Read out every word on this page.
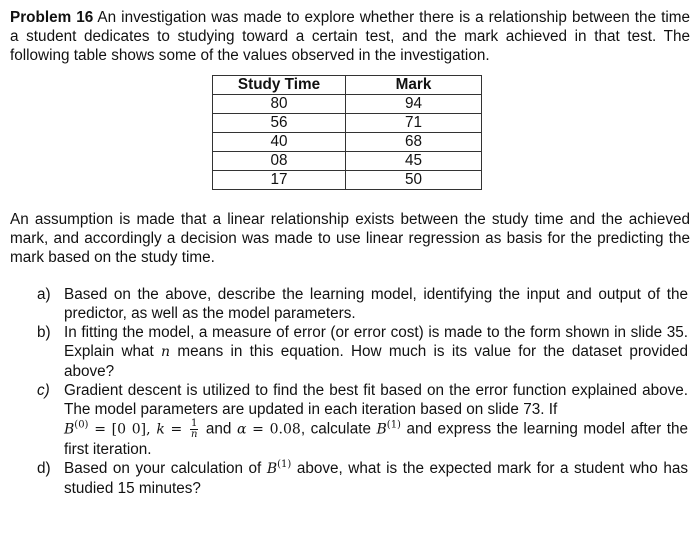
Problem 16 An investigation was made to explore whether there is a relationship between the time a student dedicates to studying toward a certain test, and the mark achieved in that test. The following table shows some of the values observed in the investigation.

Study Time	Mark
80	94
56	71
40	68
08	45
17	50

An assumption is made that a linear relationship exists between the study time and the achieved mark, and accordingly a decision was made to use linear regression as basis for the predicting the mark based on the study time.

a) Based on the above, describe the learning model, identifying the input and output of the predictor, as well as the model parameters.
b) In fitting the model, a measure of error (or error cost) is made to the form shown in slide 35. Explain what n means in this equation. How much is its value for the dataset provided above?
c) Gradient descent is utilized to find the best fit based on the error function explained above. The model parameters are updated in each iteration based on slide 73. If
$B^{(0)} = [0$ 0], $k = \frac{1}{n}$ and α = 0.08, calculate $B^{(1)}$ and express the learning model after the first iteration.
d) Based on your calculation of $B^{(1)}$ above, what is the expected mark for a student who has studied 15 minutes?
